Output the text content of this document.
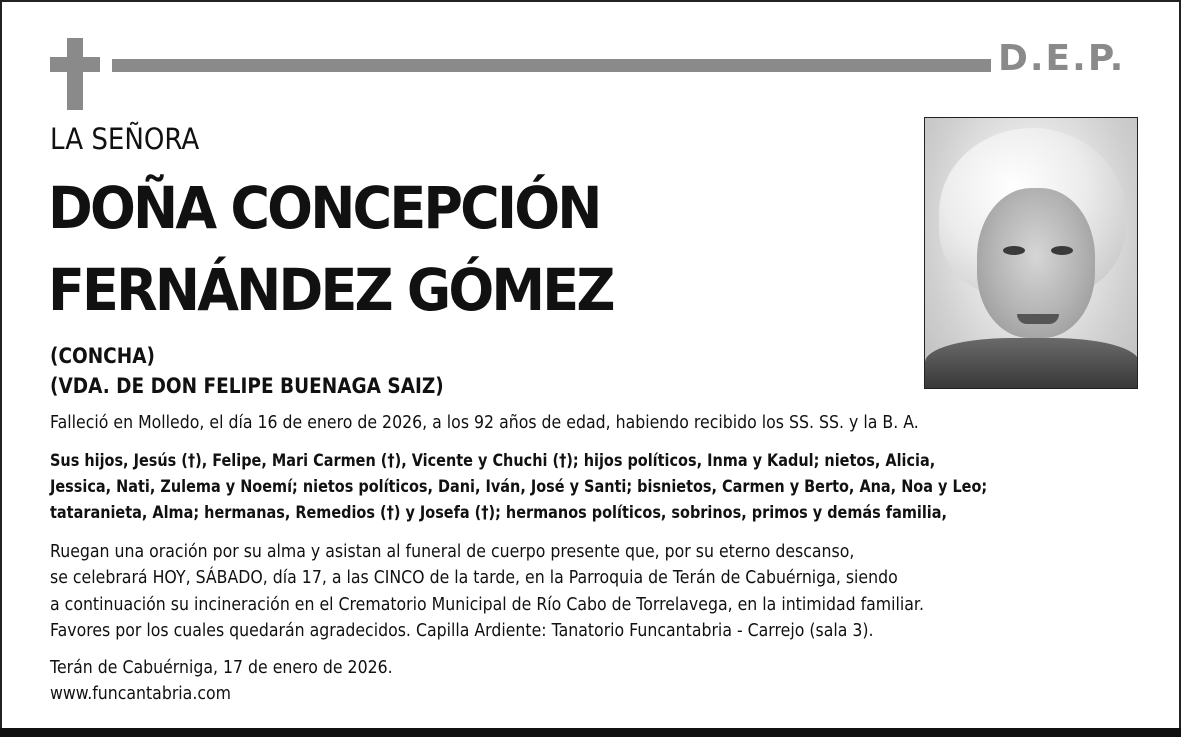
D.E.P.
LA SEÑORA
DOÑA CONCEPCIÓN
FERNÁNDEZ GÓMEZ
(CONCHA)
(VDA. DE DON FELIPE BUENAGA SAIZ)
Falleció en Molledo, el día 16 de enero de 2026, a los 92 años de edad, habiendo recibido los SS. SS. y la B. A.
Sus hijos, Jesús (†), Felipe, Mari Carmen (†), Vicente y Chuchi (†); hijos políticos, Inma y Kadul; nietos, Alicia,
Jessica, Nati, Zulema y Noemí; nietos políticos, Dani, Iván, José y Santi; bisnietos, Carmen y Berto, Ana, Noa y Leo;
tataranieta, Alma; hermanas, Remedios (†) y Josefa (†); hermanos políticos, sobrinos, primos y demás familia,
Ruegan una oración por su alma y asistan al funeral de cuerpo presente que, por su eterno descanso,
se celebrará HOY, SÁBADO, día 17, a las CINCO de la tarde, en la Parroquia de Terán de Cabuérniga, siendo
a continuación su incineración en el Crematorio Municipal de Río Cabo de Torrelavega, en la intimidad familiar.
Favores por los cuales quedarán agradecidos. Capilla Ardiente: Tanatorio Funcantabria - Carrejo (sala 3).
Terán de Cabuérniga, 17 de enero de 2026.
www.funcantabria.com
